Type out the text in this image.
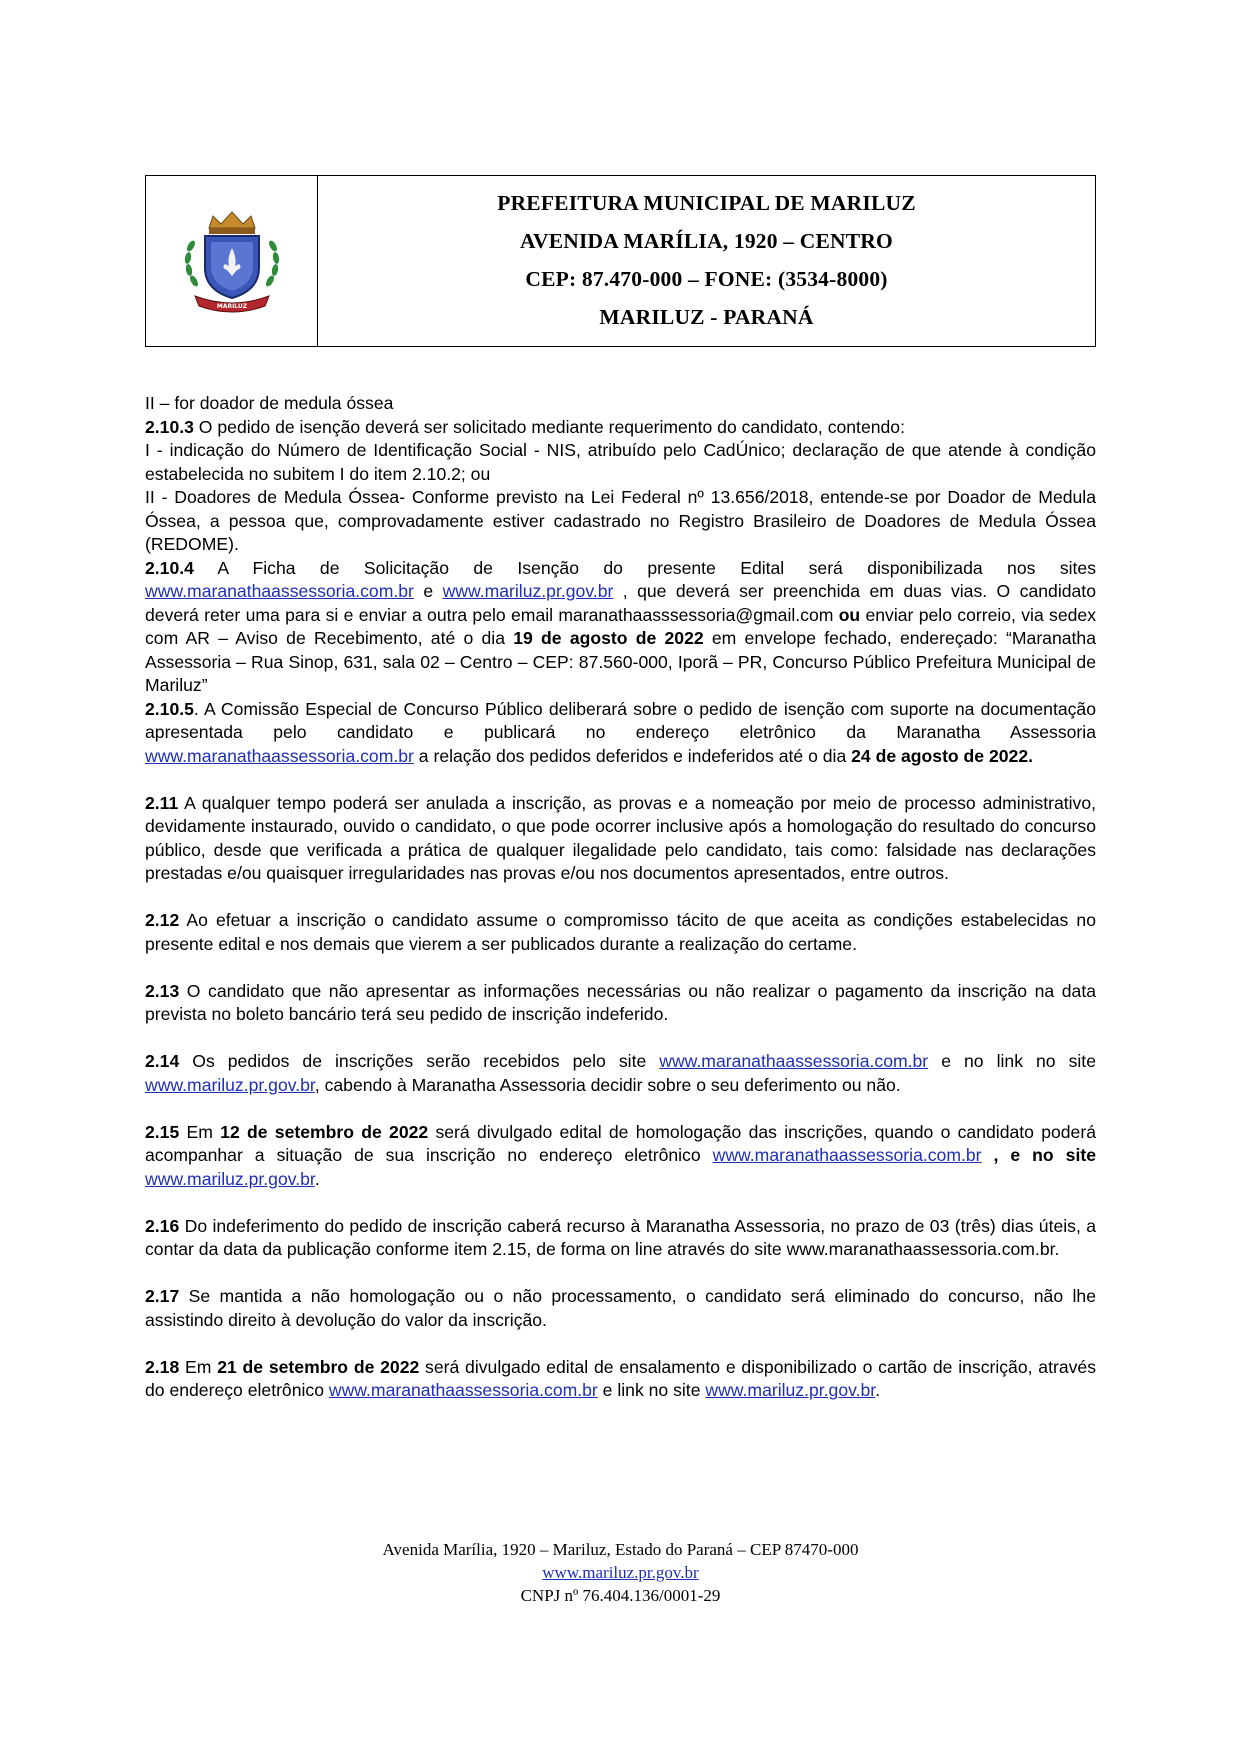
MARILUZ
PREFEITURA MUNICIPAL DE MARILUZ
AVENIDA MARÍLIA, 1920 – CENTRO
CEP: 87.470-000 – FONE: (3534-8000)
MARILUZ - PARANÁ

II – for doador de medula óssea

2.10.3 O pedido de isenção deverá ser solicitado mediante requerimento do candidato, contendo:

I - indicação do Número de Identificação Social - NIS, atribuído pelo CadÚnico; declaração de que atende à condição estabelecida no subitem I do item 2.10.2; ou

II - Doadores de Medula Óssea- Conforme previsto na Lei Federal nº 13.656/2018, entende-se por Doador de Medula Óssea, a pessoa que, comprovadamente estiver cadastrado no Registro Brasileiro de Doadores de Medula Óssea (REDOME).

2.10.4 A Ficha de Solicitação de Isenção do presente Edital será disponibilizada nos sites www.maranathaassessoria.com.br e www.mariluz.pr.gov.br , que deverá ser preenchida em duas vias. O candidato deverá reter uma para si e enviar a outra pelo email maranathaasssessoria@gmail.com ou enviar pelo correio, via sedex com AR – Aviso de Recebimento, até o dia 19 de agosto de 2022 em envelope fechado, endereçado: “Maranatha Assessoria – Rua Sinop, 631, sala 02 – Centro – CEP: 87.560-000, Iporã – PR, Concurso Público Prefeitura Municipal de Mariluz”

2.10.5. A Comissão Especial de Concurso Público deliberará sobre o pedido de isenção com suporte na documentação apresentada pelo candidato e publicará no endereço eletrônico da Maranatha Assessoria www.maranathaassessoria.com.br a relação dos pedidos deferidos e indeferidos até o dia 24 de agosto de 2022.

2.11 A qualquer tempo poderá ser anulada a inscrição, as provas e a nomeação por meio de processo administrativo, devidamente instaurado, ouvido o candidato, o que pode ocorrer inclusive após a homologação do resultado do concurso público, desde que verificada a prática de qualquer ilegalidade pelo candidato, tais como: falsidade nas declarações prestadas e/ou quaisquer irregularidades nas provas e/ou nos documentos apresentados, entre outros.

2.12 Ao efetuar a inscrição o candidato assume o compromisso tácito de que aceita as condições estabelecidas no presente edital e nos demais que vierem a ser publicados durante a realização do certame.

2.13 O candidato que não apresentar as informações necessárias ou não realizar o pagamento da inscrição na data prevista no boleto bancário terá seu pedido de inscrição indeferido.

2.14 Os pedidos de inscrições serão recebidos pelo site www.maranathaassessoria.com.br e no link no site www.mariluz.pr.gov.br, cabendo à Maranatha Assessoria decidir sobre o seu deferimento ou não.

2.15 Em 12 de setembro de 2022 será divulgado edital de homologação das inscrições, quando o candidato poderá acompanhar a situação de sua inscrição no endereço eletrônico www.maranathaassessoria.com.br , e no site www.mariluz.pr.gov.br.

2.16 Do indeferimento do pedido de inscrição caberá recurso à Maranatha Assessoria, no prazo de 03 (três) dias úteis, a contar da data da publicação conforme item 2.15, de forma on line através do site www.maranathaassessoria.com.br.

2.17 Se mantida a não homologação ou o não processamento, o candidato será eliminado do concurso, não lhe assistindo direito à devolução do valor da inscrição.

2.18 Em 21 de setembro de 2022 será divulgado edital de ensalamento e disponibilizado o cartão de inscrição, através do endereço eletrônico www.maranathaassessoria.com.br e link no site www.mariluz.pr.gov.br.

Avenida Marília, 1920 – Mariluz, Estado do Paraná – CEP 87470-000
www.mariluz.pr.gov.br
CNPJ nº 76.404.136/0001-29
